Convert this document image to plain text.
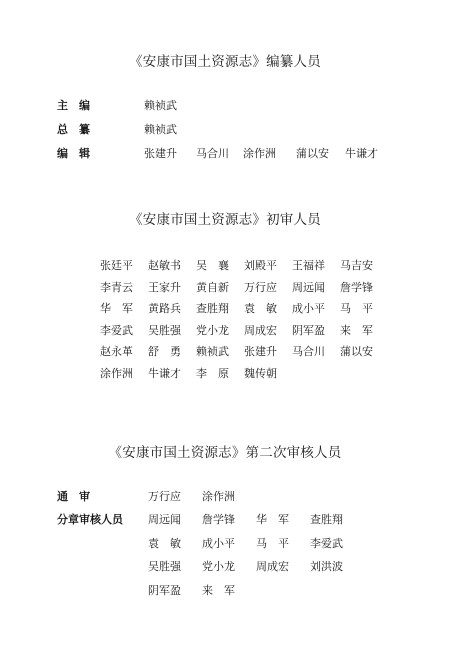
《安康市国土资源志》编纂人员
主　编	赖祯武
总　纂	赖祯武
编　辑	张建升 马合川 涂作洲 蒲以安 牛谦才
《安康市国土资源志》初审人员
张廷平	赵敏书	吴　襄	刘殿平	王福祥	马吉安
李青云	王家升	黄自新	万行应	周远闻	詹学锋
华　军	黄路兵	查胜翔	袁　敏	成小平	马　平
李爱武	吴胜强	党小龙	周成宏	阴军盈	来　军
赵永革	舒　勇	赖祯武	张建升	马合川	蒲以安
涂作洲	牛谦才	李　原	魏传朝
《安康市国土资源志》第二次审核人员
通　审	万行应 涂作洲
分章审核人员 周远闻	詹学锋	华　军	查胜翔
袁　敏	成小平	马　平	李爱武
吴胜强	党小龙	周成宏	刘洪波
阴军盈	来　军
